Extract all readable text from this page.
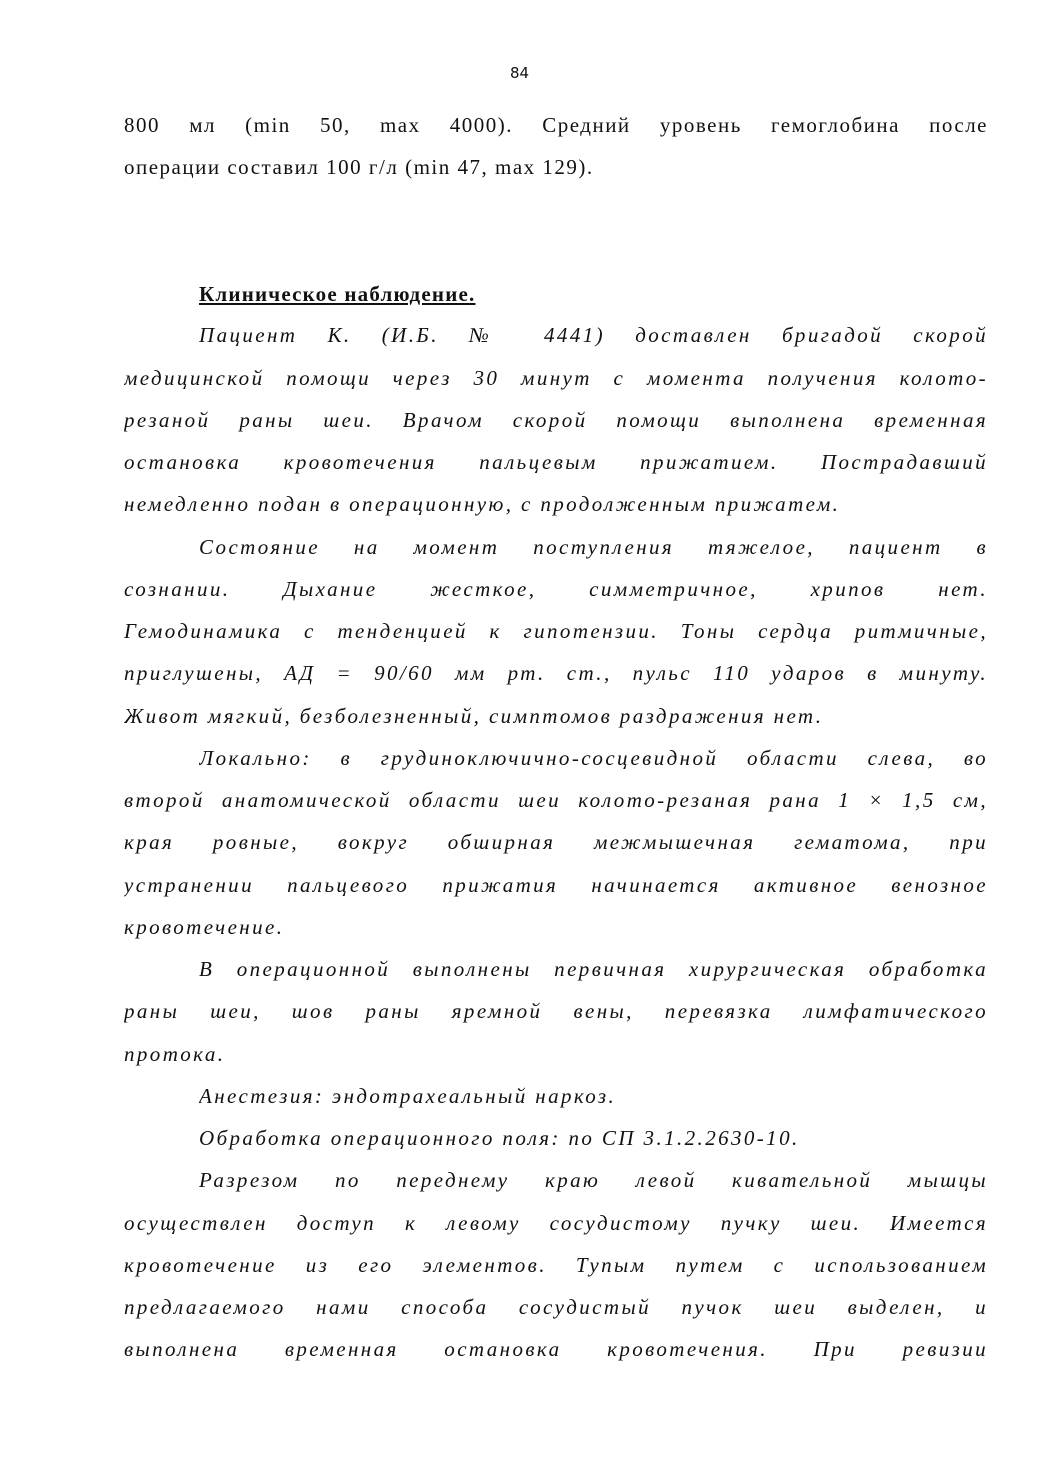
84
800 мл (min 50, max 4000). Средний уровень гемоглобина после
операции составил 100 г/л (min 47, max 129).
Клиническое наблюдение.
Пациент К. (И.Б. № 4441) доставлен бригадой скорой
медицинской помощи через 30 минут с момента получения колото-
резаной раны шеи. Врачом скорой помощи выполнена временная
остановка кровотечения пальцевым прижатием. Пострадавший
немедленно подан в операционную, с продолженным прижатем.
Состояние на момент поступления тяжелое, пациент в
сознании. Дыхание жесткое, симметричное, хрипов нет.
Гемодинамика с тенденцией к гипотензии. Тоны сердца ритмичные,
приглушены, АД = 90/60 мм рт. ст., пульс 110 ударов в минуту.
Живот мягкий, безболезненный, симптомов раздражения нет.
Локально: в грудиноключично-сосцевидной области слева, во
второй анатомической области шеи колото-резаная рана 1 × 1,5 см,
края ровные, вокруг обширная межмышечная гематома, при
устранении пальцевого прижатия начинается активное венозное
кровотечение.
В операционной выполнены первичная хирургическая обработка
раны шеи, шов раны яремной вены, перевязка лимфатического
протока.
Анестезия: эндотрахеальный наркоз.
Обработка операционного поля: по СП 3.1.2.2630-10.
Разрезом по переднему краю левой кивательной мышцы
осуществлен доступ к левому сосудистому пучку шеи. Имеется
кровотечение из его элементов. Тупым путем с использованием
предлагаемого нами способа сосудистый пучок шеи выделен, и
выполнена временная остановка кровотечения. При ревизии
